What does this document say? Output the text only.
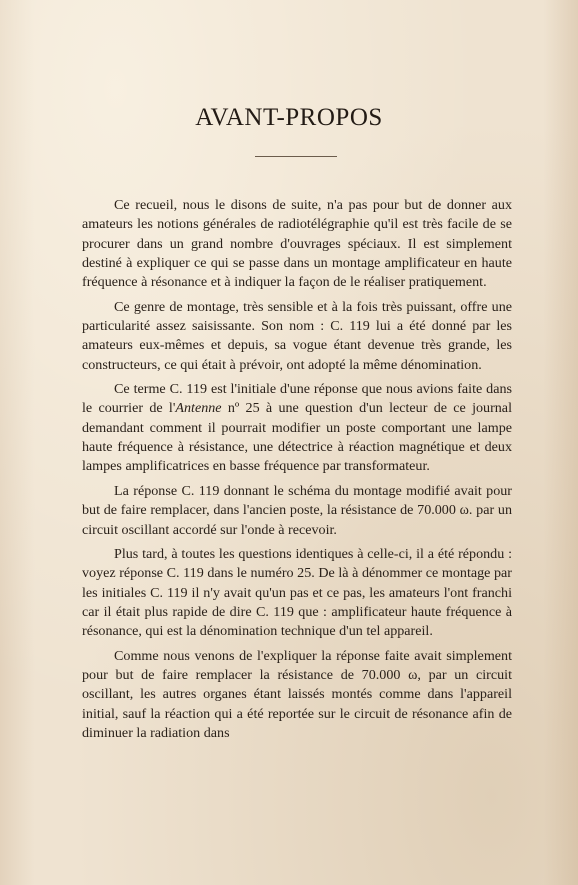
AVANT-PROPOS

Ce recueil, nous le disons de suite, n'a pas pour but de donner aux amateurs les notions générales de radiotélégraphie qu'il est très facile de se procurer dans un grand nombre d'ouvrages spéciaux. Il est simplement destiné à expliquer ce qui se passe dans un montage amplificateur en haute fréquence à résonance et à indiquer la façon de le réaliser pratiquement.

Ce genre de montage, très sensible et à la fois très puissant, offre une particularité assez saisissante. Son nom : C. 119 lui a été donné par les amateurs eux-mêmes et depuis, sa vogue étant devenue très grande, les constructeurs, ce qui était à prévoir, ont adopté la même dénomination.

Ce terme C. 119 est l'initiale d'une réponse que nous avions faite dans le courrier de l'Antenne nº 25 à une question d'un lecteur de ce journal demandant comment il pourrait modifier un poste comportant une lampe haute fréquence à résistance, une détectrice à réaction magnétique et deux lampes amplificatrices en basse fréquence par transformateur.

La réponse C. 119 donnant le schéma du montage modifié avait pour but de faire remplacer, dans l'ancien poste, la résistance de 70.000 ω. par un circuit oscillant accordé sur l'onde à recevoir.

Plus tard, à toutes les questions identiques à celle-ci, il a été répondu : voyez réponse C. 119 dans le numéro 25. De là à dénommer ce montage par les initiales C. 119 il n'y avait qu'un pas et ce pas, les amateurs l'ont franchi car il était plus rapide de dire C. 119 que : amplificateur haute fréquence à résonance, qui est la dénomination technique d'un tel appareil.

Comme nous venons de l'expliquer la réponse faite avait simplement pour but de faire remplacer la résistance de 70.000 ω, par un circuit oscillant, les autres organes étant laissés montés comme dans l'appareil initial, sauf la réaction qui a été reportée sur le circuit de résonance afin de diminuer la radiation dans
